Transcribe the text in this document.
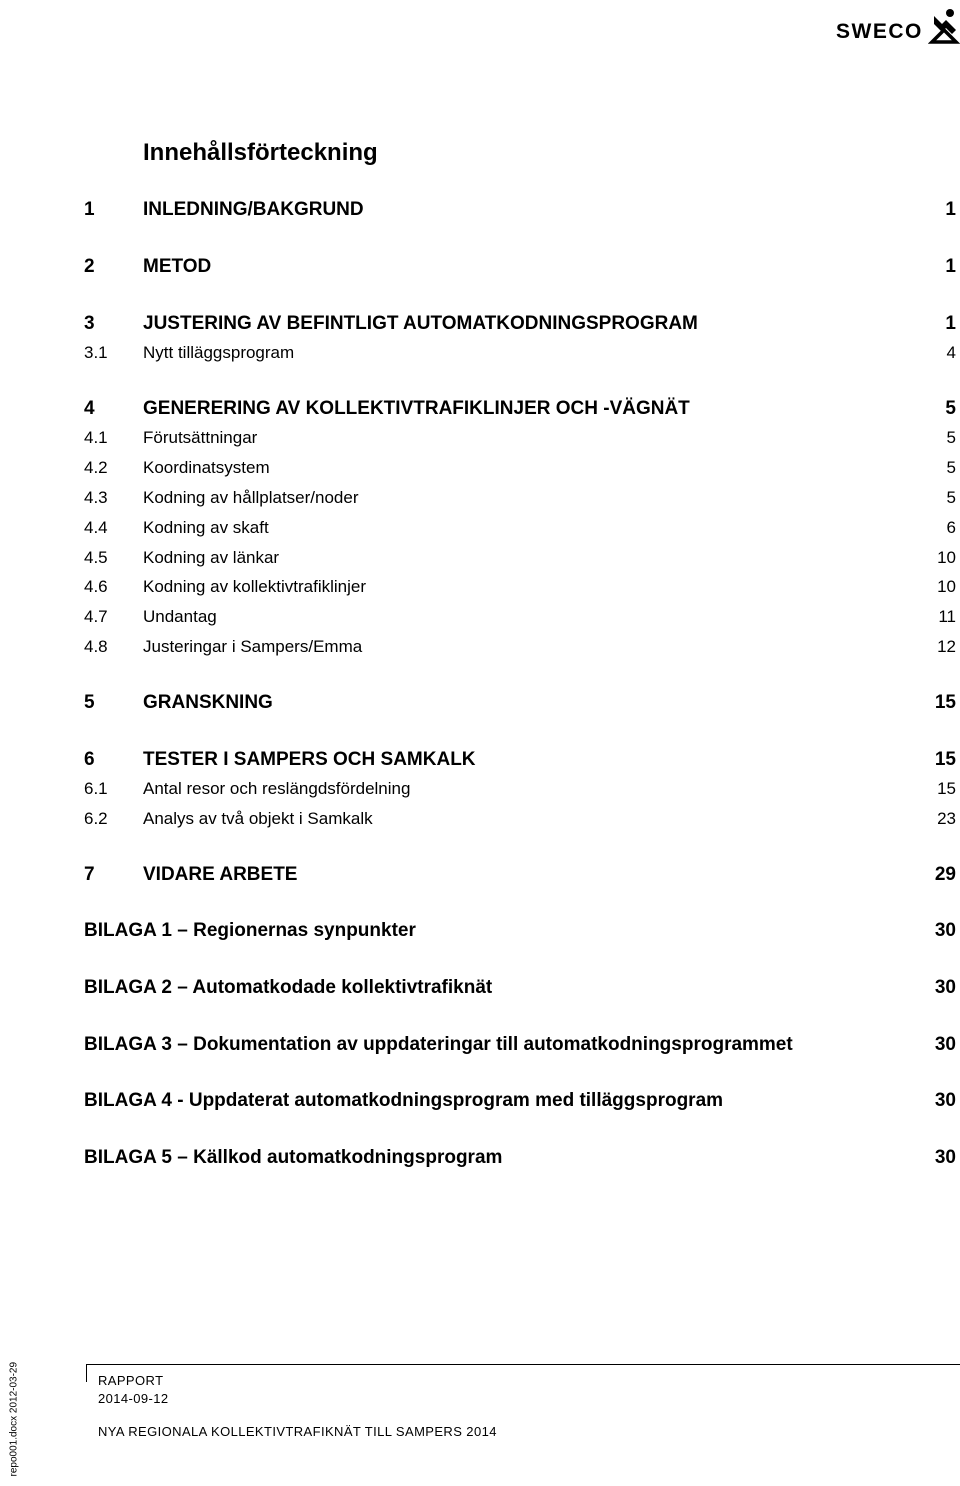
SWECO
Innehållsförteckning
1	INLEDNING/BAKGRUND	1
2	METOD	1
3	JUSTERING AV BEFINTLIGT AUTOMATKODNINGSPROGRAM	1
3.1 Nytt tilläggsprogram	4
4	GENERERING AV KOLLEKTIVTRAFIKLINJER OCH -VÄGNÄT	5
4.1 Förutsättningar	5
4.2 Koordinatsystem	5
4.3 Kodning av hållplatser/noder	5
4.4 Kodning av skaft	6
4.5 Kodning av länkar	10
4.6 Kodning av kollektivtrafiklinjer	10
4.7 Undantag	11
4.8 Justeringar i Sampers/Emma	12
5	GRANSKNING	15
6	TESTER I SAMPERS OCH SAMKALK	15
6.1 Antal resor och reslängdsfördelning	15
6.2 Analys av två objekt i Samkalk	23
7	VIDARE ARBETE	29
BILAGA 1 – Regionernas synpunkter	30
BILAGA 2 – Automatkodade kollektivtrafiknät	30
BILAGA 3 – Dokumentation av uppdateringar till automatkodningsprogrammet	30
BILAGA 4 - Uppdaterat automatkodningsprogram med tilläggsprogram	30
BILAGA 5 – Källkod automatkodningsprogram	30
RAPPORT
2014-09-12
NYA REGIONALA KOLLEKTIVTRAFIKNÄT TILL SAMPERS 2014
repo001.docx 2012-03-29
